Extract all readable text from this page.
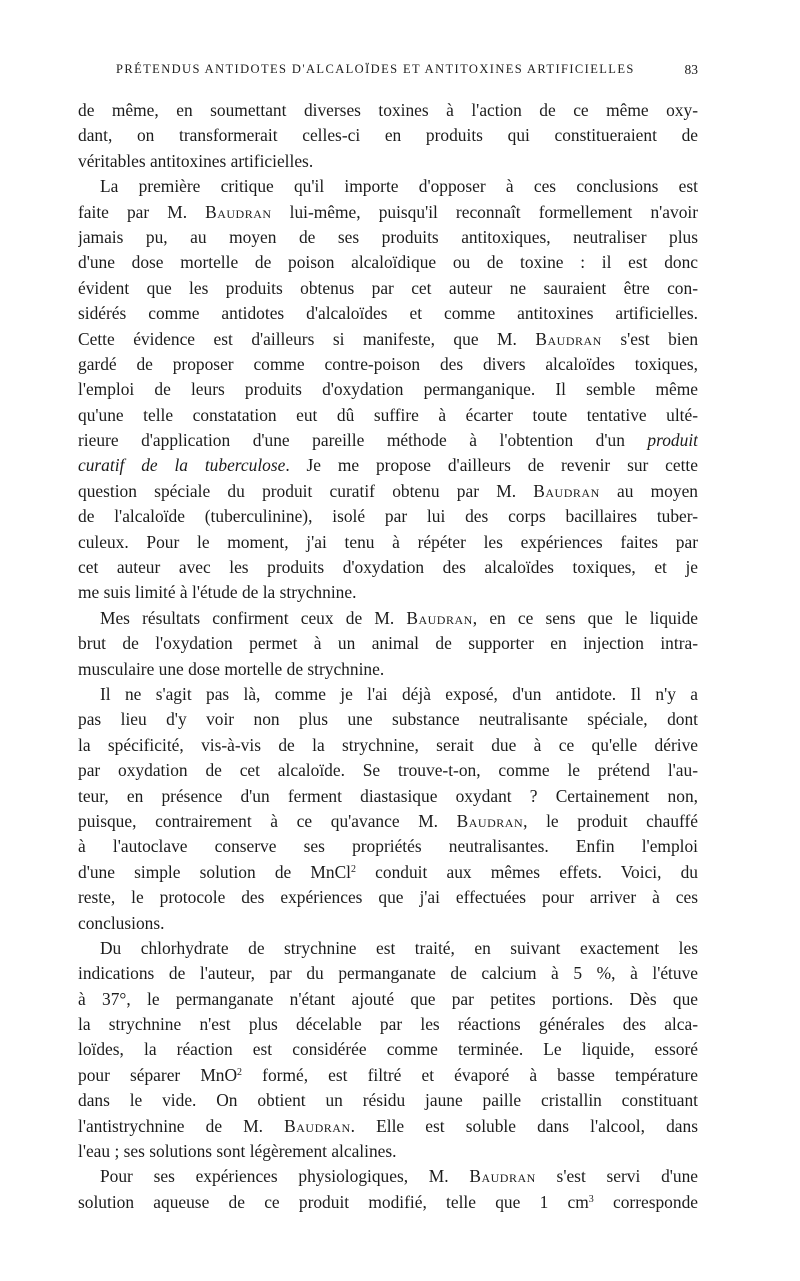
PRÉTENDUS ANTIDOTES D'ALCALOÏDES ET ANTITOXINES ARTIFICIELLES	83
de même, en soumettant diverses toxines à l'action de ce même oxy-
dant, on transformerait celles-ci en produits qui constitueraient de
véritables antitoxines artificielles.
La première critique qu'il importe d'opposer à ces conclusions est
faite par M. Baudran lui-même, puisqu'il reconnaît formellement n'avoir
jamais pu, au moyen de ses produits antitoxiques, neutraliser plus
d'une dose mortelle de poison alcaloïdique ou de toxine : il est donc
évident que les produits obtenus par cet auteur ne sauraient être con-
sidérés comme antidotes d'alcaloïdes et comme antitoxines artificielles.
Cette évidence est d'ailleurs si manifeste, que M. Baudran s'est bien
gardé de proposer comme contre-poison des divers alcaloïdes toxiques,
l'emploi de leurs produits d'oxydation permanganique. Il semble même
qu'une telle constatation eut dû suffire à écarter toute tentative ulté-
rieure d'application d'une pareille méthode à l'obtention d'un produit
curatif de la tuberculose. Je me propose d'ailleurs de revenir sur cette
question spéciale du produit curatif obtenu par M. Baudran au moyen
de l'alcaloïde (tuberculinine), isolé par lui des corps bacillaires tuber-
culeux. Pour le moment, j'ai tenu à répéter les expériences faites par
cet auteur avec les produits d'oxydation des alcaloïdes toxiques, et je
me suis limité à l'étude de la strychnine.
Mes résultats confirment ceux de M. Baudran, en ce sens que le liquide
brut de l'oxydation permet à un animal de supporter en injection intra-
musculaire une dose mortelle de strychnine.
Il ne s'agit pas là, comme je l'ai déjà exposé, d'un antidote. Il n'y a
pas lieu d'y voir non plus une substance neutralisante spéciale, dont
la spécificité, vis-à-vis de la strychnine, serait due à ce qu'elle dérive
par oxydation de cet alcaloïde. Se trouve-t-on, comme le prétend l'au-
teur, en présence d'un ferment diastasique oxydant ? Certainement non,
puisque, contrairement à ce qu'avance M. Baudran, le produit chauffé
à l'autoclave conserve ses propriétés neutralisantes. Enfin l'emploi
d'une simple solution de MnCl$^2$ conduit aux mêmes effets. Voici, du
reste, le protocole des expériences que j'ai effectuées pour arriver à ces
conclusions.
Du chlorhydrate de strychnine est traité, en suivant exactement les
indications de l'auteur, par du permanganate de calcium à 5 %, à l'étuve
à 37°, le permanganate n'étant ajouté que par petites portions. Dès que
la strychnine n'est plus décelable par les réactions générales des alca-
loïdes, la réaction est considérée comme terminée. Le liquide, essoré
pour séparer MnO$^2$ formé, est filtré et évaporé à basse température
dans le vide. On obtient un résidu jaune paille cristallin constituant
l'antistrychnine de M. Baudran. Elle est soluble dans l'alcool, dans
l'eau ; ses solutions sont légèrement alcalines.
Pour ses expériences physiologiques, M. Baudran s'est servi d'une
solution aqueuse de ce produit modifié, telle que 1 $cm^3$ corresponde
